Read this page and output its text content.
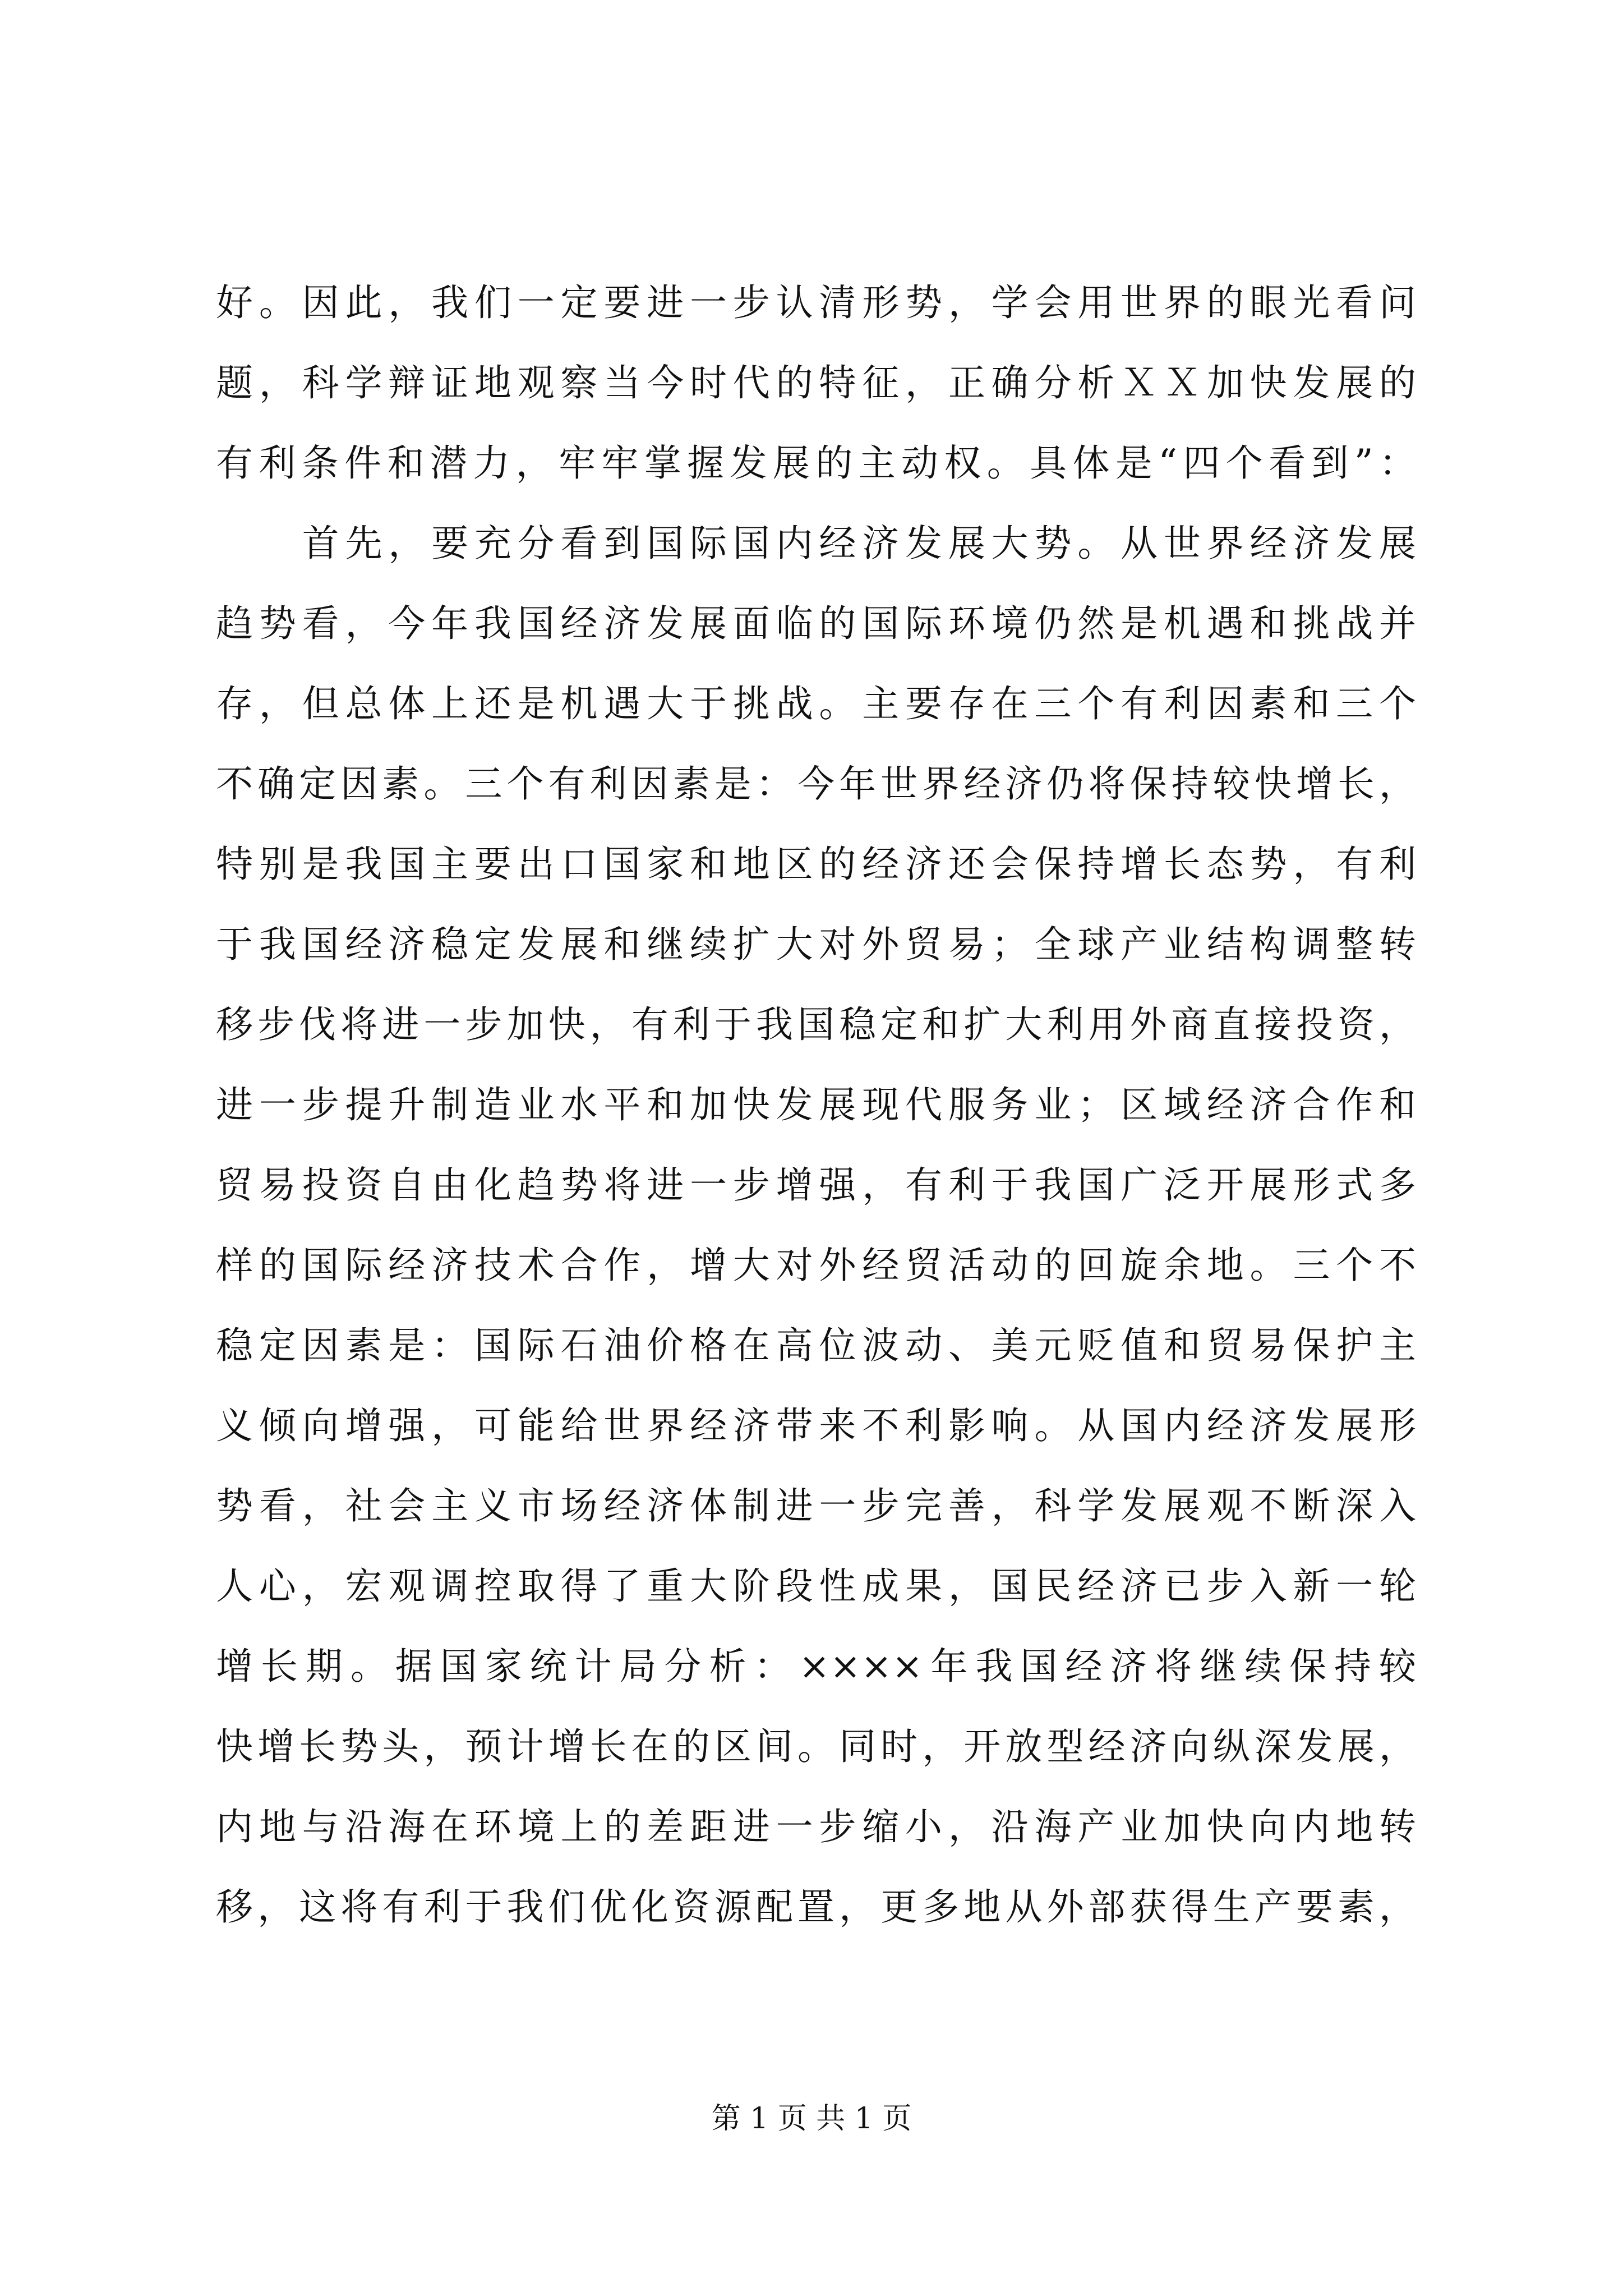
好。因此，我们一定要进一步认清形势，学会用世界的眼光看问
题，科学辩证地观察当今时代的特征，正确分析ＸＸ加快发展的
有利条件和潜力，牢牢掌握发展的主动权。具体是“四个看到”：
　　首先，要充分看到国际国内经济发展大势。从世界经济发展
趋势看，今年我国经济发展面临的国际环境仍然是机遇和挑战并
存，但总体上还是机遇大于挑战。主要存在三个有利因素和三个
不确定因素。三个有利因素是：今年世界经济仍将保持较快增长，
特别是我国主要出口国家和地区的经济还会保持增长态势，有利
于我国经济稳定发展和继续扩大对外贸易；全球产业结构调整转
移步伐将进一步加快，有利于我国稳定和扩大利用外商直接投资，
进一步提升制造业水平和加快发展现代服务业；区域经济合作和
贸易投资自由化趋势将进一步增强，有利于我国广泛开展形式多
样的国际经济技术合作，增大对外经贸活动的回旋余地。三个不
稳定因素是：国际石油价格在高位波动、美元贬值和贸易保护主
义倾向增强，可能给世界经济带来不利影响。从国内经济发展形
势看，社会主义市场经济体制进一步完善，科学发展观不断深入
人心，宏观调控取得了重大阶段性成果，国民经济已步入新一轮
增长期。据国家统计局分析：××××年我国经济将继续保持较
快增长势头，预计增长在的区间。同时，开放型经济向纵深发展，
内地与沿海在环境上的差距进一步缩小，沿海产业加快向内地转
移，这将有利于我们优化资源配置，更多地从外部获得生产要素，
第 1 页 共 1 页
